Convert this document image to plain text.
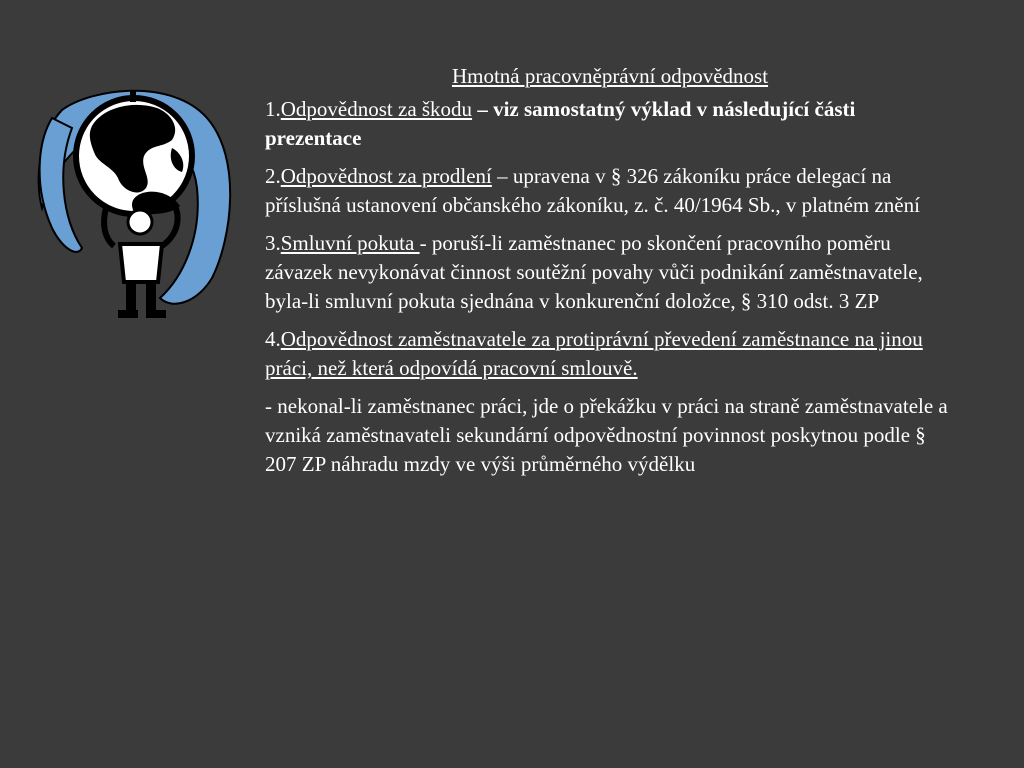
Hmotná pracovněprávní odpovědnost

1.Odpovědnost za škodu – viz samostatný výklad v následující části prezentace

2.Odpovědnost za prodlení – upravena v § 326 zákoníku práce delegací na příslušná ustanovení občanského zákoníku, z. č. 40/1964 Sb., v platném znění

3.Smluvní pokuta - poruší-li zaměstnanec po skončení pracovního poměru závazek nevykonávat činnost soutěžní povahy vůči podnikání zaměstnavatele, byla-li smluvní pokuta sjednána v konkurenční doložce, § 310 odst. 3 ZP

4.Odpovědnost zaměstnavatele za protiprávní převedení zaměstnance na jinou práci, než která odpovídá pracovní smlouvě.

- nekonal-li zaměstnanec práci, jde o překážku v práci na straně zaměstnavatele a vzniká zaměstnavateli sekundární odpovědnostní povinnost poskytnou podle § 207 ZP náhradu mzdy ve výši průměrného výdělku
